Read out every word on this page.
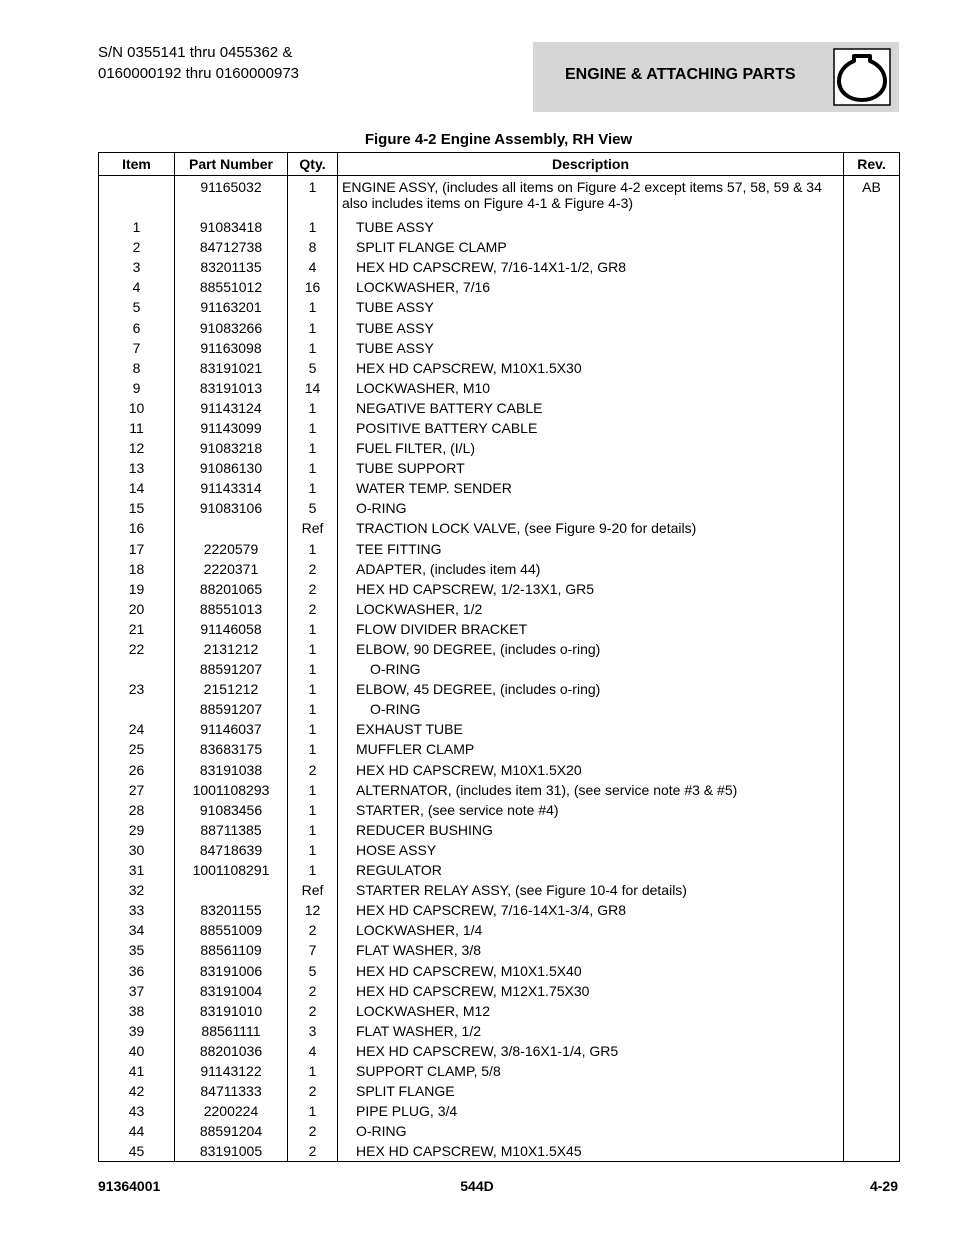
S/N 0355141 thru 0455362 &
0160000192 thru 0160000973	ENGINE & ATTACHING PARTS
Figure 4-2 Engine Assembly, RH View
Item	Part Number	Qty.	Description	Rev.
	91165032	1	ENGINE ASSY, (includes all items on Figure 4-2 except items 57, 58, 59 & 34
also includes items on Figure 4-1 & Figure 4-3)	AB
1	91083418	1	TUBE ASSY	
2	84712738	8	SPLIT FLANGE CLAMP	
3	83201135	4	HEX HD CAPSCREW, 7/16-14X1-1/2, GR8	
4	88551012	16	LOCKWASHER, 7/16	
5	91163201	1	TUBE ASSY	
6	91083266	1	TUBE ASSY	
7	91163098	1	TUBE ASSY	
8	83191021	5	HEX HD CAPSCREW, M10X1.5X30	
9	83191013	14	LOCKWASHER, M10	
10	91143124	1	NEGATIVE BATTERY CABLE	
11	91143099	1	POSITIVE BATTERY CABLE	
12	91083218	1	FUEL FILTER, (I/L)	
13	91086130	1	TUBE SUPPORT	
14	91143314	1	WATER TEMP. SENDER	
15	91083106	5	O-RING	
16		Ref	TRACTION LOCK VALVE, (see Figure 9-20 for details)	
17	2220579	1	TEE FITTING	
18	2220371	2	ADAPTER, (includes item 44)	
19	88201065	2	HEX HD CAPSCREW, 1/2-13X1, GR5	
20	88551013	2	LOCKWASHER, 1/2	
21	91146058	1	FLOW DIVIDER BRACKET	
22	2131212	1	ELBOW, 90 DEGREE, (includes o-ring)	
	88591207	1	O-RING	
23	2151212	1	ELBOW, 45 DEGREE, (includes o-ring)	
	88591207	1	O-RING	
24	91146037	1	EXHAUST TUBE	
25	83683175	1	MUFFLER CLAMP	
26	83191038	2	HEX HD CAPSCREW, M10X1.5X20	
27	1001108293	1	ALTERNATOR, (includes item 31), (see service note #3 & #5)	
28	91083456	1	STARTER, (see service note #4)	
29	88711385	1	REDUCER BUSHING	
30	84718639	1	HOSE ASSY	
31	1001108291	1	REGULATOR	
32		Ref	STARTER RELAY ASSY, (see Figure 10-4 for details)	
33	83201155	12	HEX HD CAPSCREW, 7/16-14X1-3/4, GR8	
34	88551009	2	LOCKWASHER, 1/4	
35	88561109	7	FLAT WASHER, 3/8	
36	83191006	5	HEX HD CAPSCREW, M10X1.5X40	
37	83191004	2	HEX HD CAPSCREW, M12X1.75X30	
38	83191010	2	LOCKWASHER, M12	
39	88561111	3	FLAT WASHER, 1/2	
40	88201036	4	HEX HD CAPSCREW, 3/8-16X1-1/4, GR5	
41	91143122	1	SUPPORT CLAMP, 5/8	
42	84711333	2	SPLIT FLANGE	
43	2200224	1	PIPE PLUG, 3/4	
44	88591204	2	O-RING	
45	83191005	2	HEX HD CAPSCREW, M10X1.5X45	
91364001	544D	4-29
